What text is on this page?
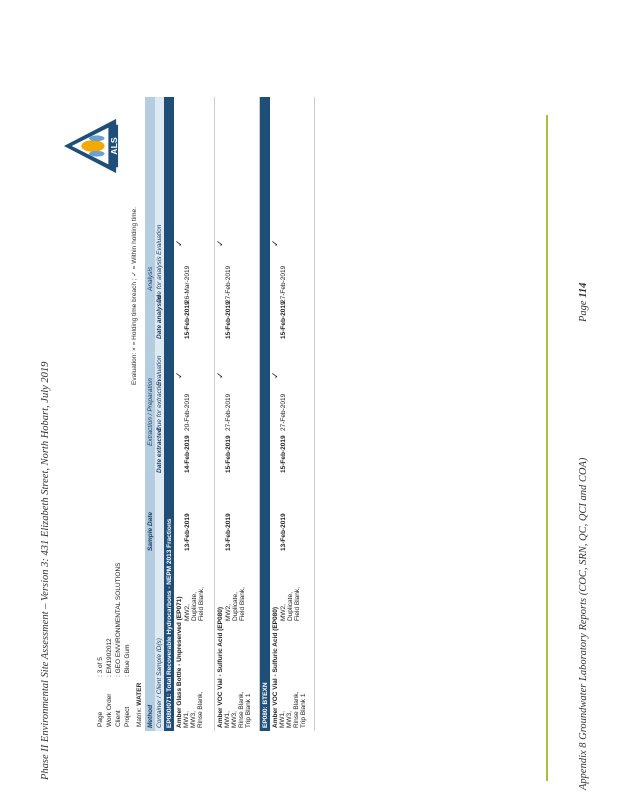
Phase II Environmental Site Assessment – Version 3: 431 Elizabeth Street, North Hobart, July 2019	Appendix 8 Groundwater Laboratory Reports (COC, SRN, QC, QCI and COA)
Page 114
Page
: 3 of 5
Work Order
: EM1902012
Client
: GEO ENVIRONMENTAL SOLUTIONS
Project
: Blue Gum
Matrix: WATER
Evaluation: × = Holding time breach ; ✓ = Within holding time.
ALS
Method
Sample Date
Extraction / Preparation
Analysis
Container / Client Sample ID(s)
Date extracted
Due for extraction
Evaluation
Date analysed
Due for analysis
Evaluation
EP080/071: Total Recoverable Hydrocarbons - NEPM 2013 Fractions Amber Glass Bottle - Unpreserved (EP071) MW1, MW3, Rinse Blank,
MW2, Duplicate, Field Blank,
13-Feb-2019
14-Feb-2019
20-Feb-2019
✓
15-Feb-2019
26-Mar-2019
✓
Amber VOC Vial - Sulfuric Acid (EP080) MW1, MW3, Rinse Blank, Trip Blank 1
MW2, Duplicate, Field Blank,
13-Feb-2019
15-Feb-2019
27-Feb-2019
✓
15-Feb-2019
27-Feb-2019
✓
EP080: BTEXN Amber VOC Vial - Sulfuric Acid (EP080) MW1, MW3, Rinse Blank, Trip Blank 1
MW2, Duplicate, Field Blank,
13-Feb-2019
15-Feb-2019
27-Feb-2019
✓
15-Feb-2019
27-Feb-2019
✓
